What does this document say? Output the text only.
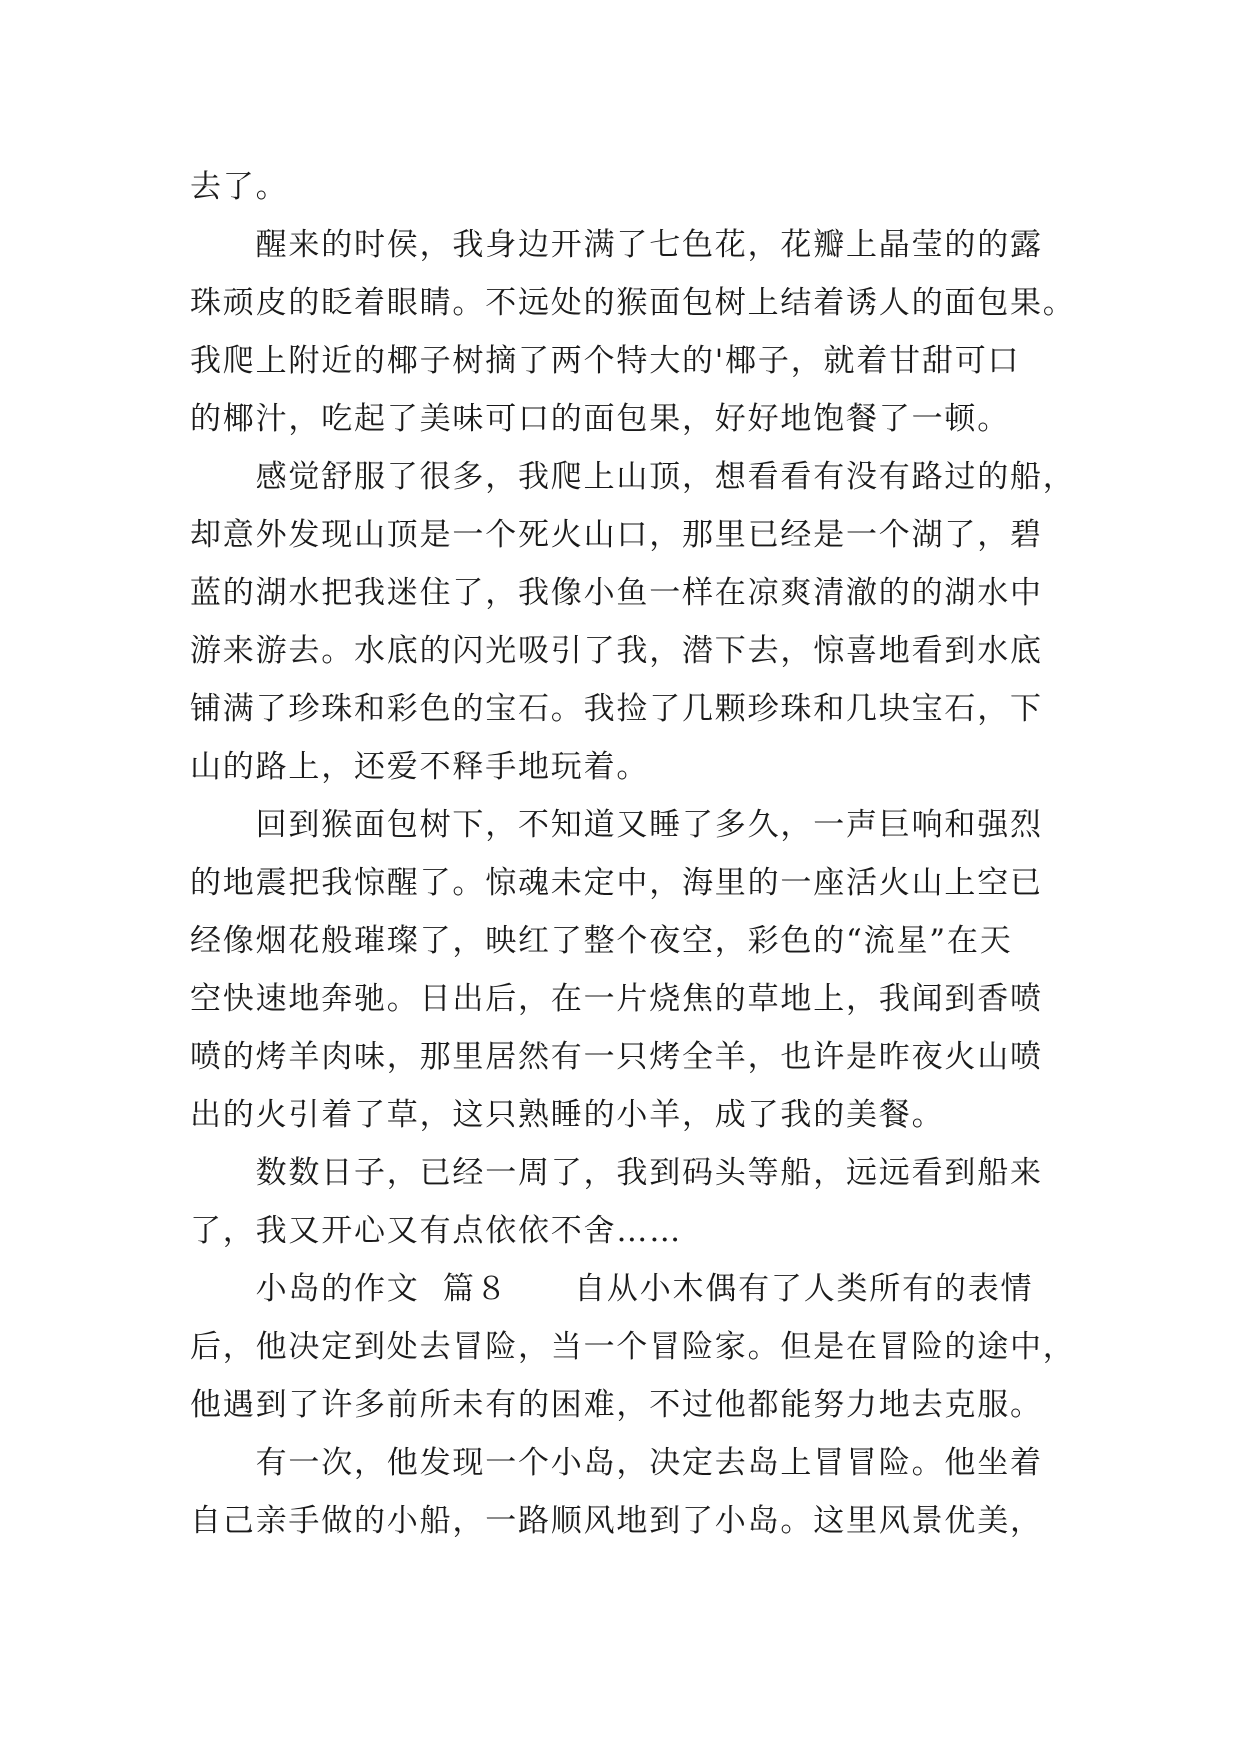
去了。
　　醒来的时侯，我身边开满了七色花，花瓣上晶莹的的露
珠顽皮的眨着眼睛。不远处的猴面包树上结着诱人的面包果。
我爬上附近的椰子树摘了两个特大的'椰子，就着甘甜可口
的椰汁，吃起了美味可口的面包果，好好地饱餐了一顿。
　　感觉舒服了很多，我爬上山顶，想看看有没有路过的船，
却意外发现山顶是一个死火山口，那里已经是一个湖了，碧
蓝的湖水把我迷住了，我像小鱼一样在凉爽清澈的的湖水中
游来游去。水底的闪光吸引了我，潜下去，惊喜地看到水底
铺满了珍珠和彩色的宝石。我捡了几颗珍珠和几块宝石，下
山的路上，还爱不释手地玩着。
　　回到猴面包树下，不知道又睡了多久，一声巨响和强烈
的地震把我惊醒了。惊魂未定中，海里的一座活火山上空已
经像烟花般璀璨了，映红了整个夜空，彩色的“流星”在天
空快速地奔驰。日出后，在一片烧焦的草地上，我闻到香喷
喷的烤羊肉味，那里居然有一只烤全羊，也许是昨夜火山喷
出的火引着了草，这只熟睡的小羊，成了我的美餐。
　　数数日子，已经一周了，我到码头等船，远远看到船来
了，我又开心又有点依依不舍……
　　小岛的作文  篇８　　自从小木偶有了人类所有的表情
后，他决定到处去冒险，当一个冒险家。但是在冒险的途中，
他遇到了许多前所未有的困难，不过他都能努力地去克服。
　　有一次，他发现一个小岛，决定去岛上冒冒险。他坐着
自己亲手做的小船，一路顺风地到了小岛。这里风景优美，
